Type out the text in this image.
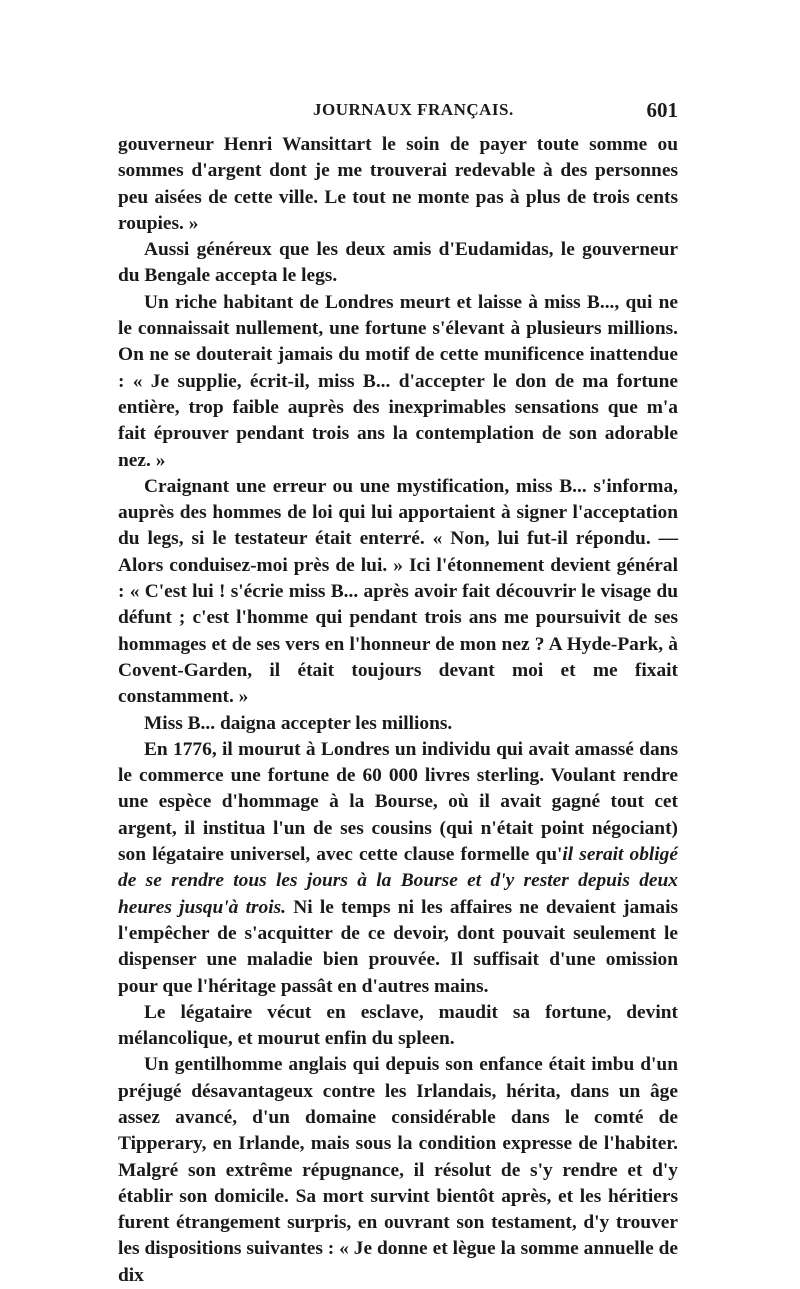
JOURNAUX FRANÇAIS.	601

gouverneur Henri Wansittart le soin de payer toute somme ou sommes d'argent dont je me trouverai redevable à des personnes peu aisées de cette ville. Le tout ne monte pas à plus de trois cents roupies. »

Aussi généreux que les deux amis d'Eudamidas, le gouverneur du Bengale accepta le legs.

Un riche habitant de Londres meurt et laisse à miss B..., qui ne le connaissait nullement, une fortune s'élevant à plusieurs millions. On ne se douterait jamais du motif de cette munificence inattendue : « Je supplie, écrit-il, miss B... d'accepter le don de ma fortune entière, trop faible auprès des inexprimables sensations que m'a fait éprouver pendant trois ans la contemplation de son adorable nez. »

Craignant une erreur ou une mystification, miss B... s'informa, auprès des hommes de loi qui lui apportaient à signer l'acceptation du legs, si le testateur était enterré. « Non, lui fut-il répondu. — Alors conduisez-moi près de lui. » Ici l'étonnement devient général : « C'est lui ! s'écrie miss B... après avoir fait découvrir le visage du défunt ; c'est l'homme qui pendant trois ans me poursuivit de ses hommages et de ses vers en l'honneur de mon nez ? A Hyde-Park, à Covent-Garden, il était toujours devant moi et me fixait constamment. »

Miss B... daigna accepter les millions.

En 1776, il mourut à Londres un individu qui avait amassé dans le commerce une fortune de 60 000 livres sterling. Voulant rendre une espèce d'hommage à la Bourse, où il avait gagné tout cet argent, il institua l'un de ses cousins (qui n'était point négociant) son légataire universel, avec cette clause formelle qu'il serait obligé de se rendre tous les jours à la Bourse et d'y rester depuis deux heures jusqu'à trois. Ni le temps ni les affaires ne devaient jamais l'empêcher de s'acquitter de ce devoir, dont pouvait seulement le dispenser une maladie bien prouvée. Il suffisait d'une omission pour que l'héritage passât en d'autres mains.

Le légataire vécut en esclave, maudit sa fortune, devint mélancolique, et mourut enfin du spleen.

Un gentilhomme anglais qui depuis son enfance était imbu d'un préjugé désavantageux contre les Irlandais, hérita, dans un âge assez avancé, d'un domaine considérable dans le comté de Tipperary, en Irlande, mais sous la condition expresse de l'habiter. Malgré son extrême répugnance, il résolut de s'y rendre et d'y établir son domicile. Sa mort survint bientôt après, et les héritiers furent étrangement surpris, en ouvrant son testament, d'y trouver les dispositions suivantes : « Je donne et lègue la somme annuelle de dix
